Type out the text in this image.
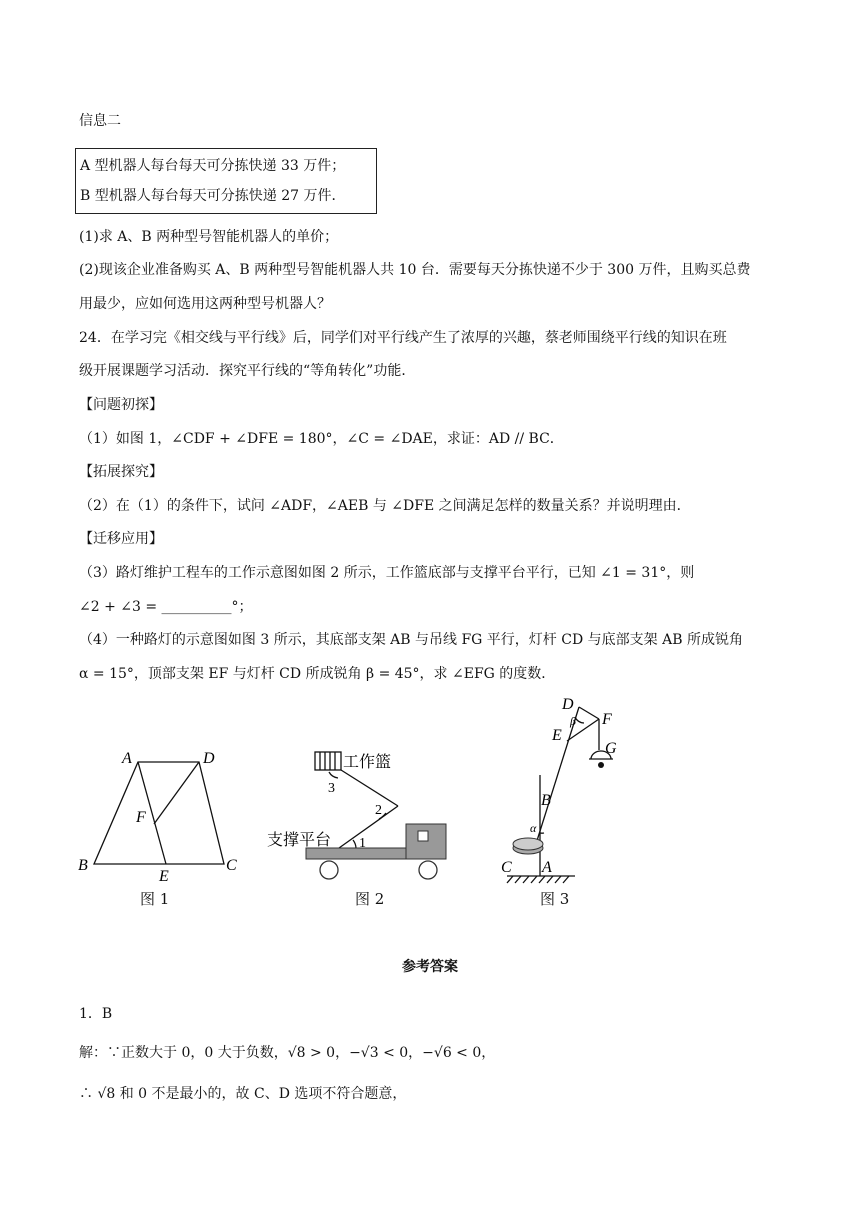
信息二
A 型机器人每台每天可分拣快递 33 万件；
B 型机器人每台每天可分拣快递 27 万件．
(1)求 A、B 两种型号智能机器人的单价；
(2)现该企业准备购买 A、B 两种型号智能机器人共 10 台．需要每天分拣快递不少于 300 万件，且购买总费
用最少，应如何选用这两种型号机器人？
24．在学习完《相交线与平行线》后，同学们对平行线产生了浓厚的兴趣，蔡老师围绕平行线的知识在班
级开展课题学习活动．探究平行线的“等角转化”功能．
【问题初探】
（1）如图 1，∠CDF + ∠DFE = 180°，∠C = ∠DAE，求证：AD // BC．
【拓展探究】
（2）在（1）的条件下，试问 ∠ADF，∠AEB 与 ∠DFE 之间满足怎样的数量关系？并说明理由．
【迁移应用】
（3）路灯维护工程车的工作示意图如图 2 所示，工作篮底部与支撑平台平行，已知 ∠1 = 31°，则
∠2 + ∠3 = __________°；
（4）一种路灯的示意图如图 3 所示，其底部支架 AB 与吊线 FG 平行，灯杆 CD 与底部支架 AB 所成锐角
α = 15°，顶部支架 EF 与灯杆 CD 所成锐角 β = 45°，求 ∠EFG 的度数．
A	D
F
B
E
C
图 1
工作篮
支撑平台 1
2
3
图 2
D
F
E
G
B
C A
α
β
图 3
参考答案
1．B
解：∵正数大于 0，0 大于负数，√8 > 0，−√3 < 0，−√6 < 0，
∴ √8 和 0 不是最小的，故 C、D 选项不符合题意，
